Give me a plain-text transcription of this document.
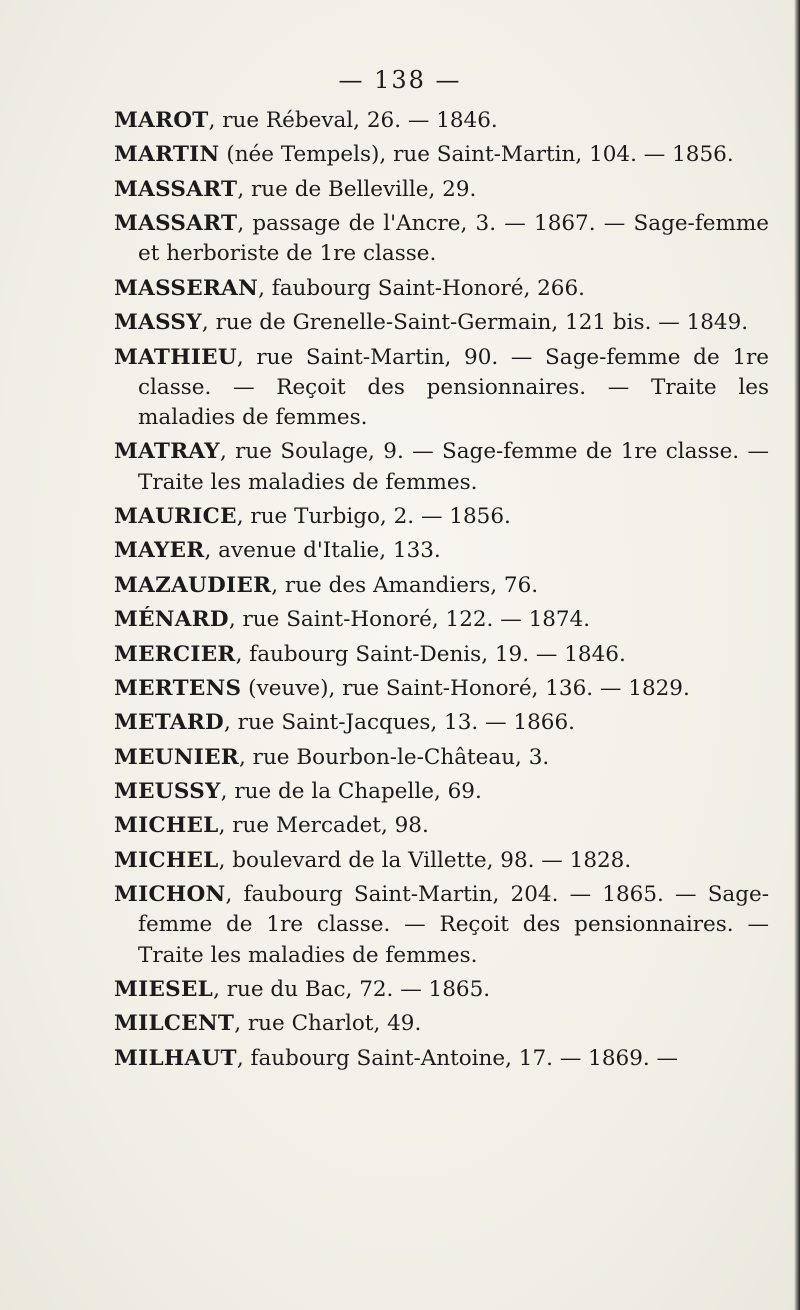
— 138 —

MAROT, rue Rébeval, 26. — 1846.

MARTIN (née Tempels), rue Saint-Martin, 104. — 1856.

MASSART, rue de Belleville, 29.

MASSART, passage de l'Ancre, 3. — 1867. — Sage-femme et herboriste de 1re classe.

MASSERAN, faubourg Saint-Honoré, 266.

MASSY, rue de Grenelle-Saint-Germain, 121 bis. — 1849.

MATHIEU, rue Saint-Martin, 90. — Sage-femme de 1re classe. — Reçoit des pensionnaires. — Traite les maladies de femmes.

MATRAY, rue Soulage, 9. — Sage-femme de 1re classe. — Traite les maladies de femmes.

MAURICE, rue Turbigo, 2. — 1856.

MAYER, avenue d'Italie, 133.

MAZAUDIER, rue des Amandiers, 76.

MÉNARD, rue Saint-Honoré, 122. — 1874.

MERCIER, faubourg Saint-Denis, 19. — 1846.

MERTENS (veuve), rue Saint-Honoré, 136. — 1829.

METARD, rue Saint-Jacques, 13. — 1866.

MEUNIER, rue Bourbon-le-Château, 3.

MEUSSY, rue de la Chapelle, 69.

MICHEL, rue Mercadet, 98.

MICHEL, boulevard de la Villette, 98. — 1828.

MICHON, faubourg Saint-Martin, 204. — 1865. — Sage-femme de 1re classe. — Reçoit des pensionnaires. — Traite les maladies de femmes.

MIESEL, rue du Bac, 72. — 1865.

MILCENT, rue Charlot, 49.

MILHAUT, faubourg Saint-Antoine, 17. — 1869. —
